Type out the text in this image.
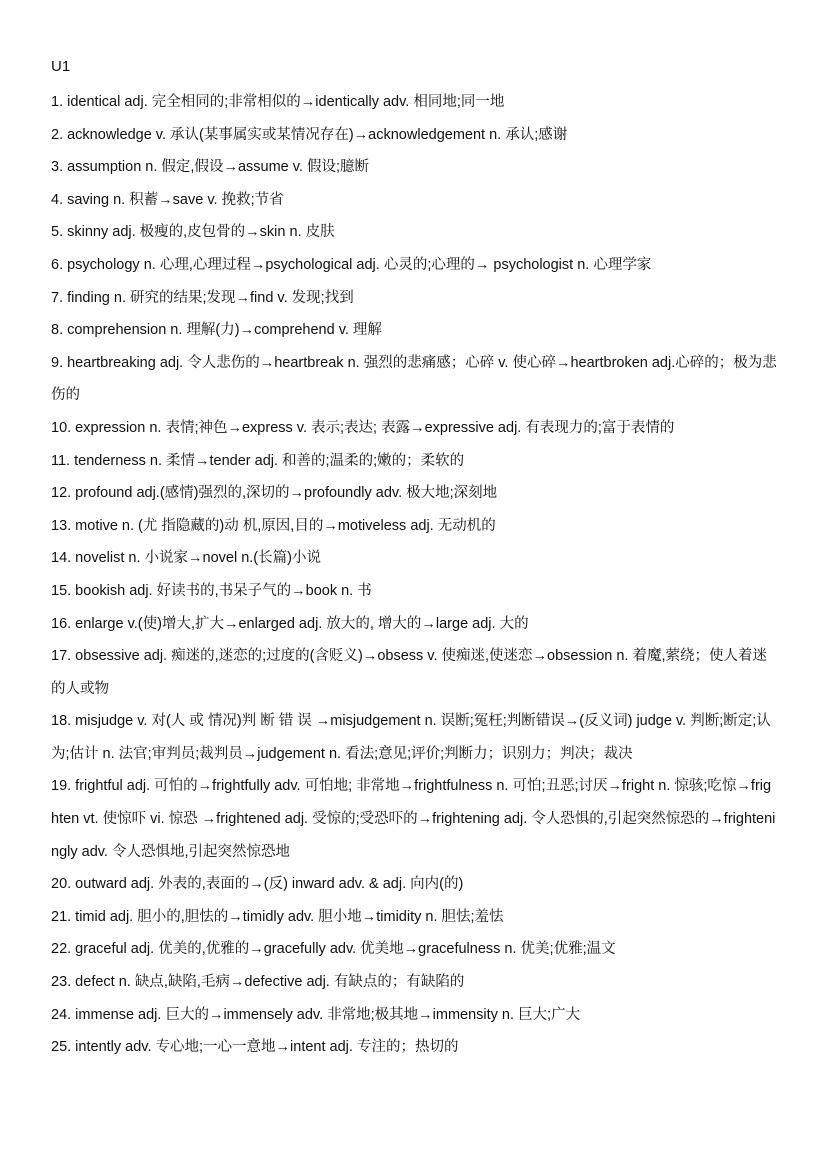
U1
1. identical adj. 完全相同的;非常相似的→identically adv. 相同地;同一地
2. acknowledge v. 承认(某事属实或某情况存在)→acknowledgement n. 承认;感谢
3. assumption n. 假定,假设→assume v. 假设;臆断
4. saving n. 积蓄→save v. 挽救;节省
5. skinny adj. 极瘦的,皮包骨的→skin n. 皮肤
6. psychology n. 心理,心理过程→psychological adj. 心灵的;心理的→ psychologist n. 心理学家
7. finding n. 研究的结果;发现→find v. 发现;找到
8. comprehension n. 理解(力)→comprehend v. 理解
9. heartbreaking adj. 令人悲伤的→heartbreak n. 强烈的悲痛感；心碎 v. 使心碎→heartbroken adj.心碎的；极为悲伤的
10. expression n. 表情;神色→express v. 表示;表达; 表露→expressive adj. 有表现力的;富于表情的
11. tenderness n. 柔情→tender adj. 和善的;温柔的;嫩的；柔软的
12. profound adj.(感情)强烈的,深切的→profoundly adv. 极大地;深刻地
13. motive n. (尤 指隐藏的)动 机,原因,目的→motiveless adj. 无动机的
14. novelist n. 小说家→novel n.(长篇)小说
15. bookish adj. 好读书的,书呆子气的→book n. 书
16. enlarge v.(使)增大,扩大→enlarged adj. 放大的, 增大的→large adj. 大的
17. obsessive adj. 痴迷的,迷恋的;过度的(含贬义)→obsess v. 使痴迷,使迷恋→obsession n. 着魔,萦绕；使人着迷的人或物
18. misjudge v. 对(人 或 情况)判 断 错 误 →misjudgement n. 误断;冤枉;判断错误→(反义词) judge v. 判断;断定;认为;估计 n. 法官;审判员;裁判员→judgement n. 看法;意见;评价;判断力；识别力；判决；裁决
19. frightful adj. 可怕的→frightfully adv. 可怕地; 非常地→frightfulness n. 可怕;丑恶;讨厌→fright n. 惊骇;吃惊→frighten vt. 使惊吓 vi. 惊恐 →frightened adj. 受惊的;受恐吓的→frightening adj. 令人恐惧的,引起突然惊恐的→frighteningly adv. 令人恐惧地,引起突然惊恐地
20. outward adj. 外表的,表面的→(反) inward adv. & adj. 向内(的)
21. timid adj. 胆小的,胆怯的→timidly adv. 胆小地→timidity n. 胆怯;羞怯
22. graceful adj. 优美的,优雅的→gracefully adv. 优美地→gracefulness n. 优美;优雅;温文
23. defect n. 缺点,缺陷,毛病→defective adj. 有缺点的；有缺陷的
24. immense adj. 巨大的→immensely adv. 非常地;极其地→immensity n. 巨大;广大
25. intently adv. 专心地;一心一意地→intent adj. 专注的；热切的
